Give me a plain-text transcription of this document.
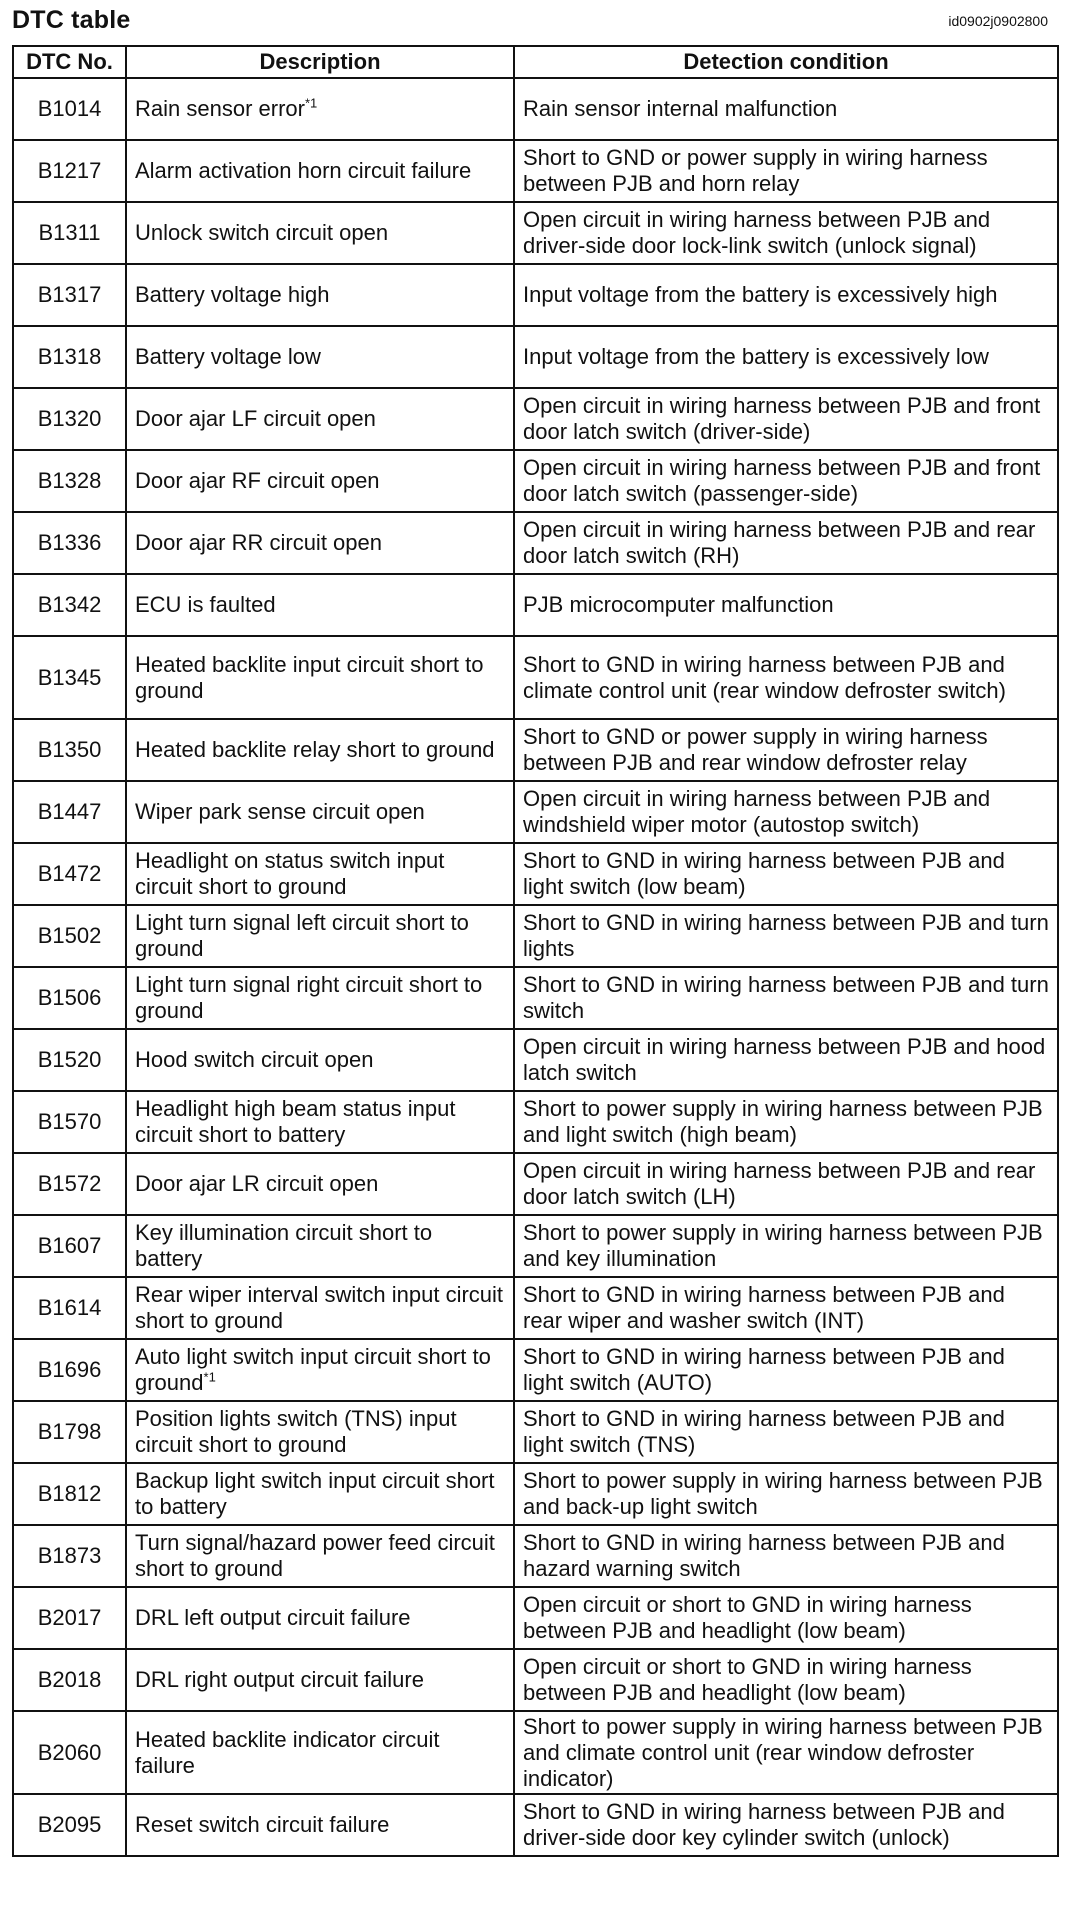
DTC table	id0902j0902800
DTC No.	Description	Detection condition
B1014	Rain sensor error$^{*1}$	Rain sensor internal malfunction
B1217	Alarm activation horn circuit failure	Short to GND or power supply in wiring harness between PJB and horn relay
B1311	Unlock switch circuit open	Open circuit in wiring harness between PJB and driver-side door lock-link switch (unlock signal)
B1317	Battery voltage high	Input voltage from the battery is excessively high
B1318	Battery voltage low	Input voltage from the battery is excessively low
B1320	Door ajar LF circuit open	Open circuit in wiring harness between PJB and front door latch switch (driver-side)
B1328	Door ajar RF circuit open	Open circuit in wiring harness between PJB and front door latch switch (passenger-side)
B1336	Door ajar RR circuit open	Open circuit in wiring harness between PJB and rear door latch switch (RH)
B1342	ECU is faulted	PJB microcomputer malfunction
B1345	Heated backlite input circuit short to ground	Short to GND in wiring harness between PJB and climate control unit (rear window defroster switch)
B1350	Heated backlite relay short to ground	Short to GND or power supply in wiring harness between PJB and rear window defroster relay
B1447	Wiper park sense circuit open	Open circuit in wiring harness between PJB and windshield wiper motor (autostop switch)
B1472	Headlight on status switch input circuit short to ground	Short to GND in wiring harness between PJB and light switch (low beam)
B1502	Light turn signal left circuit short to ground	Short to GND in wiring harness between PJB and turn lights
B1506	Light turn signal right circuit short to ground	Short to GND in wiring harness between PJB and turn switch
B1520	Hood switch circuit open	Open circuit in wiring harness between PJB and hood latch switch
B1570	Headlight high beam status input circuit short to battery	Short to power supply in wiring harness between PJB and light switch (high beam)
B1572	Door ajar LR circuit open	Open circuit in wiring harness between PJB and rear door latch switch (LH)
B1607	Key illumination circuit short to battery	Short to power supply in wiring harness between PJB and key illumination
B1614	Rear wiper interval switch input circuit short to ground	Short to GND in wiring harness between PJB and rear wiper and washer switch (INT)
B1696	Auto light switch input circuit short to ground$^{*1}$	Short to GND in wiring harness between PJB and light switch (AUTO)
B1798	Position lights switch (TNS) input circuit short to ground	Short to GND in wiring harness between PJB and light switch (TNS)
B1812	Backup light switch input circuit short to battery	Short to power supply in wiring harness between PJB and back-up light switch
B1873	Turn signal/hazard power feed circuit short to ground	Short to GND in wiring harness between PJB and hazard warning switch
B2017	DRL left output circuit failure	Open circuit or short to GND in wiring harness between PJB and headlight (low beam)
B2018	DRL right output circuit failure	Open circuit or short to GND in wiring harness between PJB and headlight (low beam)
B2060	Heated backlite indicator circuit failure	Short to power supply in wiring harness between PJB and climate control unit (rear window defroster indicator)
B2095	Reset switch circuit failure	Short to GND in wiring harness between PJB and driver-side door key cylinder switch (unlock)
